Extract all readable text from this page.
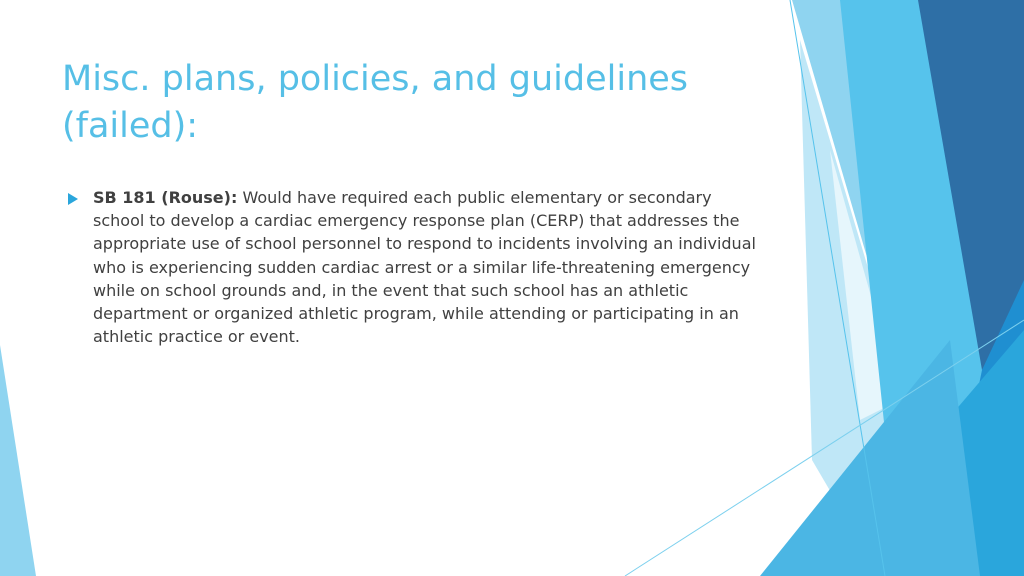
Misc. plans, policies, and guidelines (failed):

SB 181 (Rouse): Would have required each public elementary or secondary school to develop a cardiac emergency response plan (CERP) that addresses the appropriate use of school personnel to respond to incidents involving an individual who is experiencing sudden cardiac arrest or a similar life-threatening emergency while on school grounds and, in the event that such school has an athletic department or organized athletic program, while attending or participating in an athletic practice or event.
